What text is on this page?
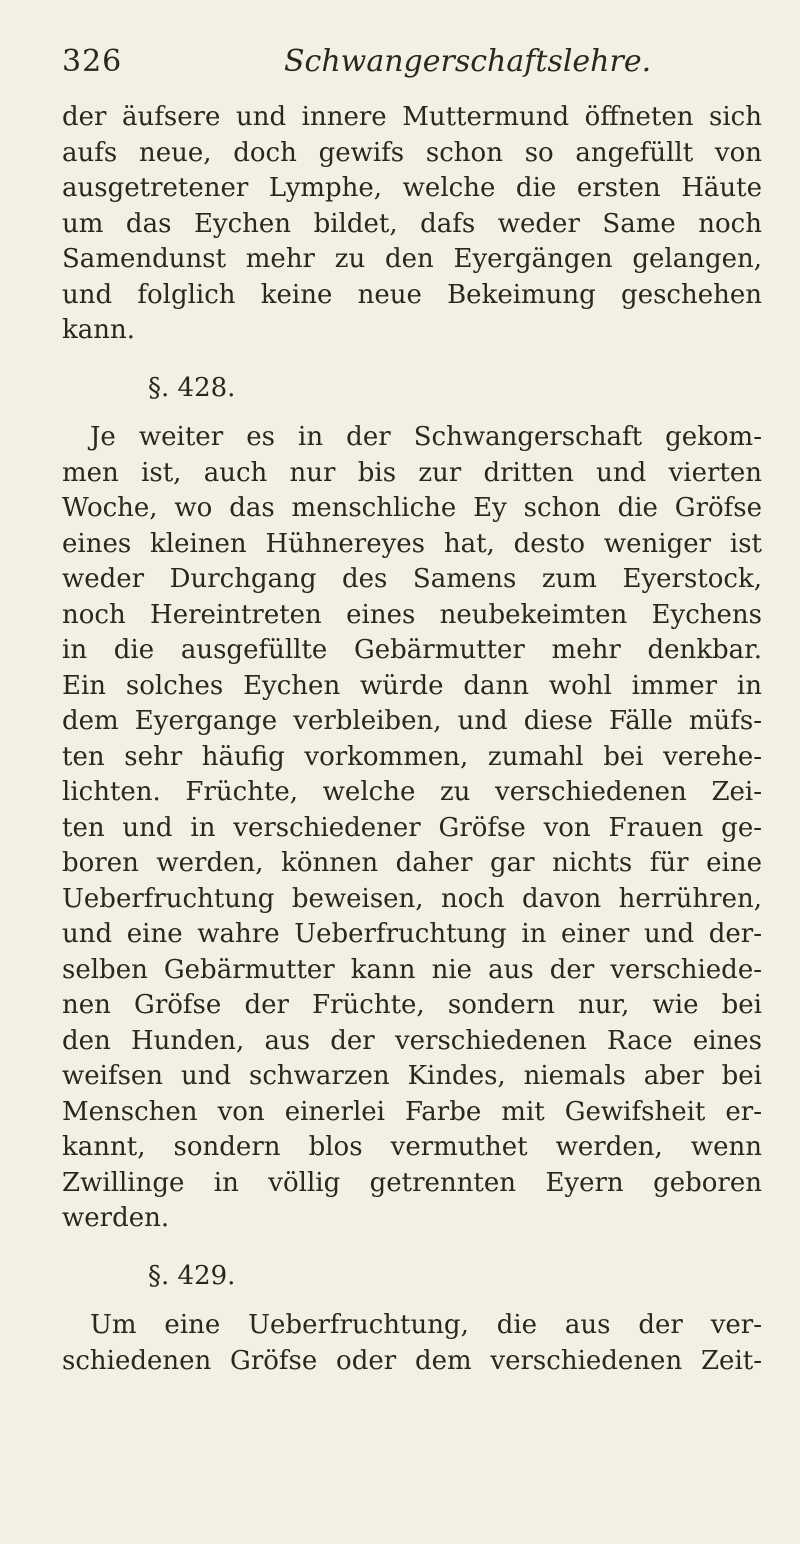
326	Schwangerschaftslehre.
der äufsere und innere Muttermund öffneten sich
aufs neue, doch gewifs schon so angefüllt von
ausgetretener Lymphe, welche die ersten Häute
um das Eychen bildet, dafs weder Same noch
Samendunst mehr zu den Eyergängen gelangen,
und folglich keine neue Bekeimung geschehen
kann.
§. 428.
Je weiter es in der Schwangerschaft gekom-
men ist, auch nur bis zur dritten und vierten
Woche, wo das menschliche Ey schon die Gröfse
eines kleinen Hühnereyes hat, desto weniger ist
weder Durchgang des Samens zum Eyerstock,
noch Hereintreten eines neubekeimten Eychens
in die ausgefüllte Gebärmutter mehr denkbar.
Ein solches Eychen würde dann wohl immer in
dem Eyergange verbleiben, und diese Fälle müfs-
ten sehr häufig vorkommen, zumahl bei verehe-
lichten. Früchte, welche zu verschiedenen Zei-
ten und in verschiedener Gröfse von Frauen ge-
boren werden, können daher gar nichts für eine
Ueberfruchtung beweisen, noch davon herrühren,
und eine wahre Ueberfruchtung in einer und der-
selben Gebärmutter kann nie aus der verschiede-
nen Gröfse der Früchte, sondern nur, wie bei
den Hunden, aus der verschiedenen Race eines
weifsen und schwarzen Kindes, niemals aber bei
Menschen von einerlei Farbe mit Gewifsheit er-
kannt, sondern blos vermuthet werden, wenn
Zwillinge in völlig getrennten Eyern geboren
werden.
§. 429.
Um eine Ueberfruchtung, die aus der ver-
schiedenen Gröfse oder dem verschiedenen Zeit-
